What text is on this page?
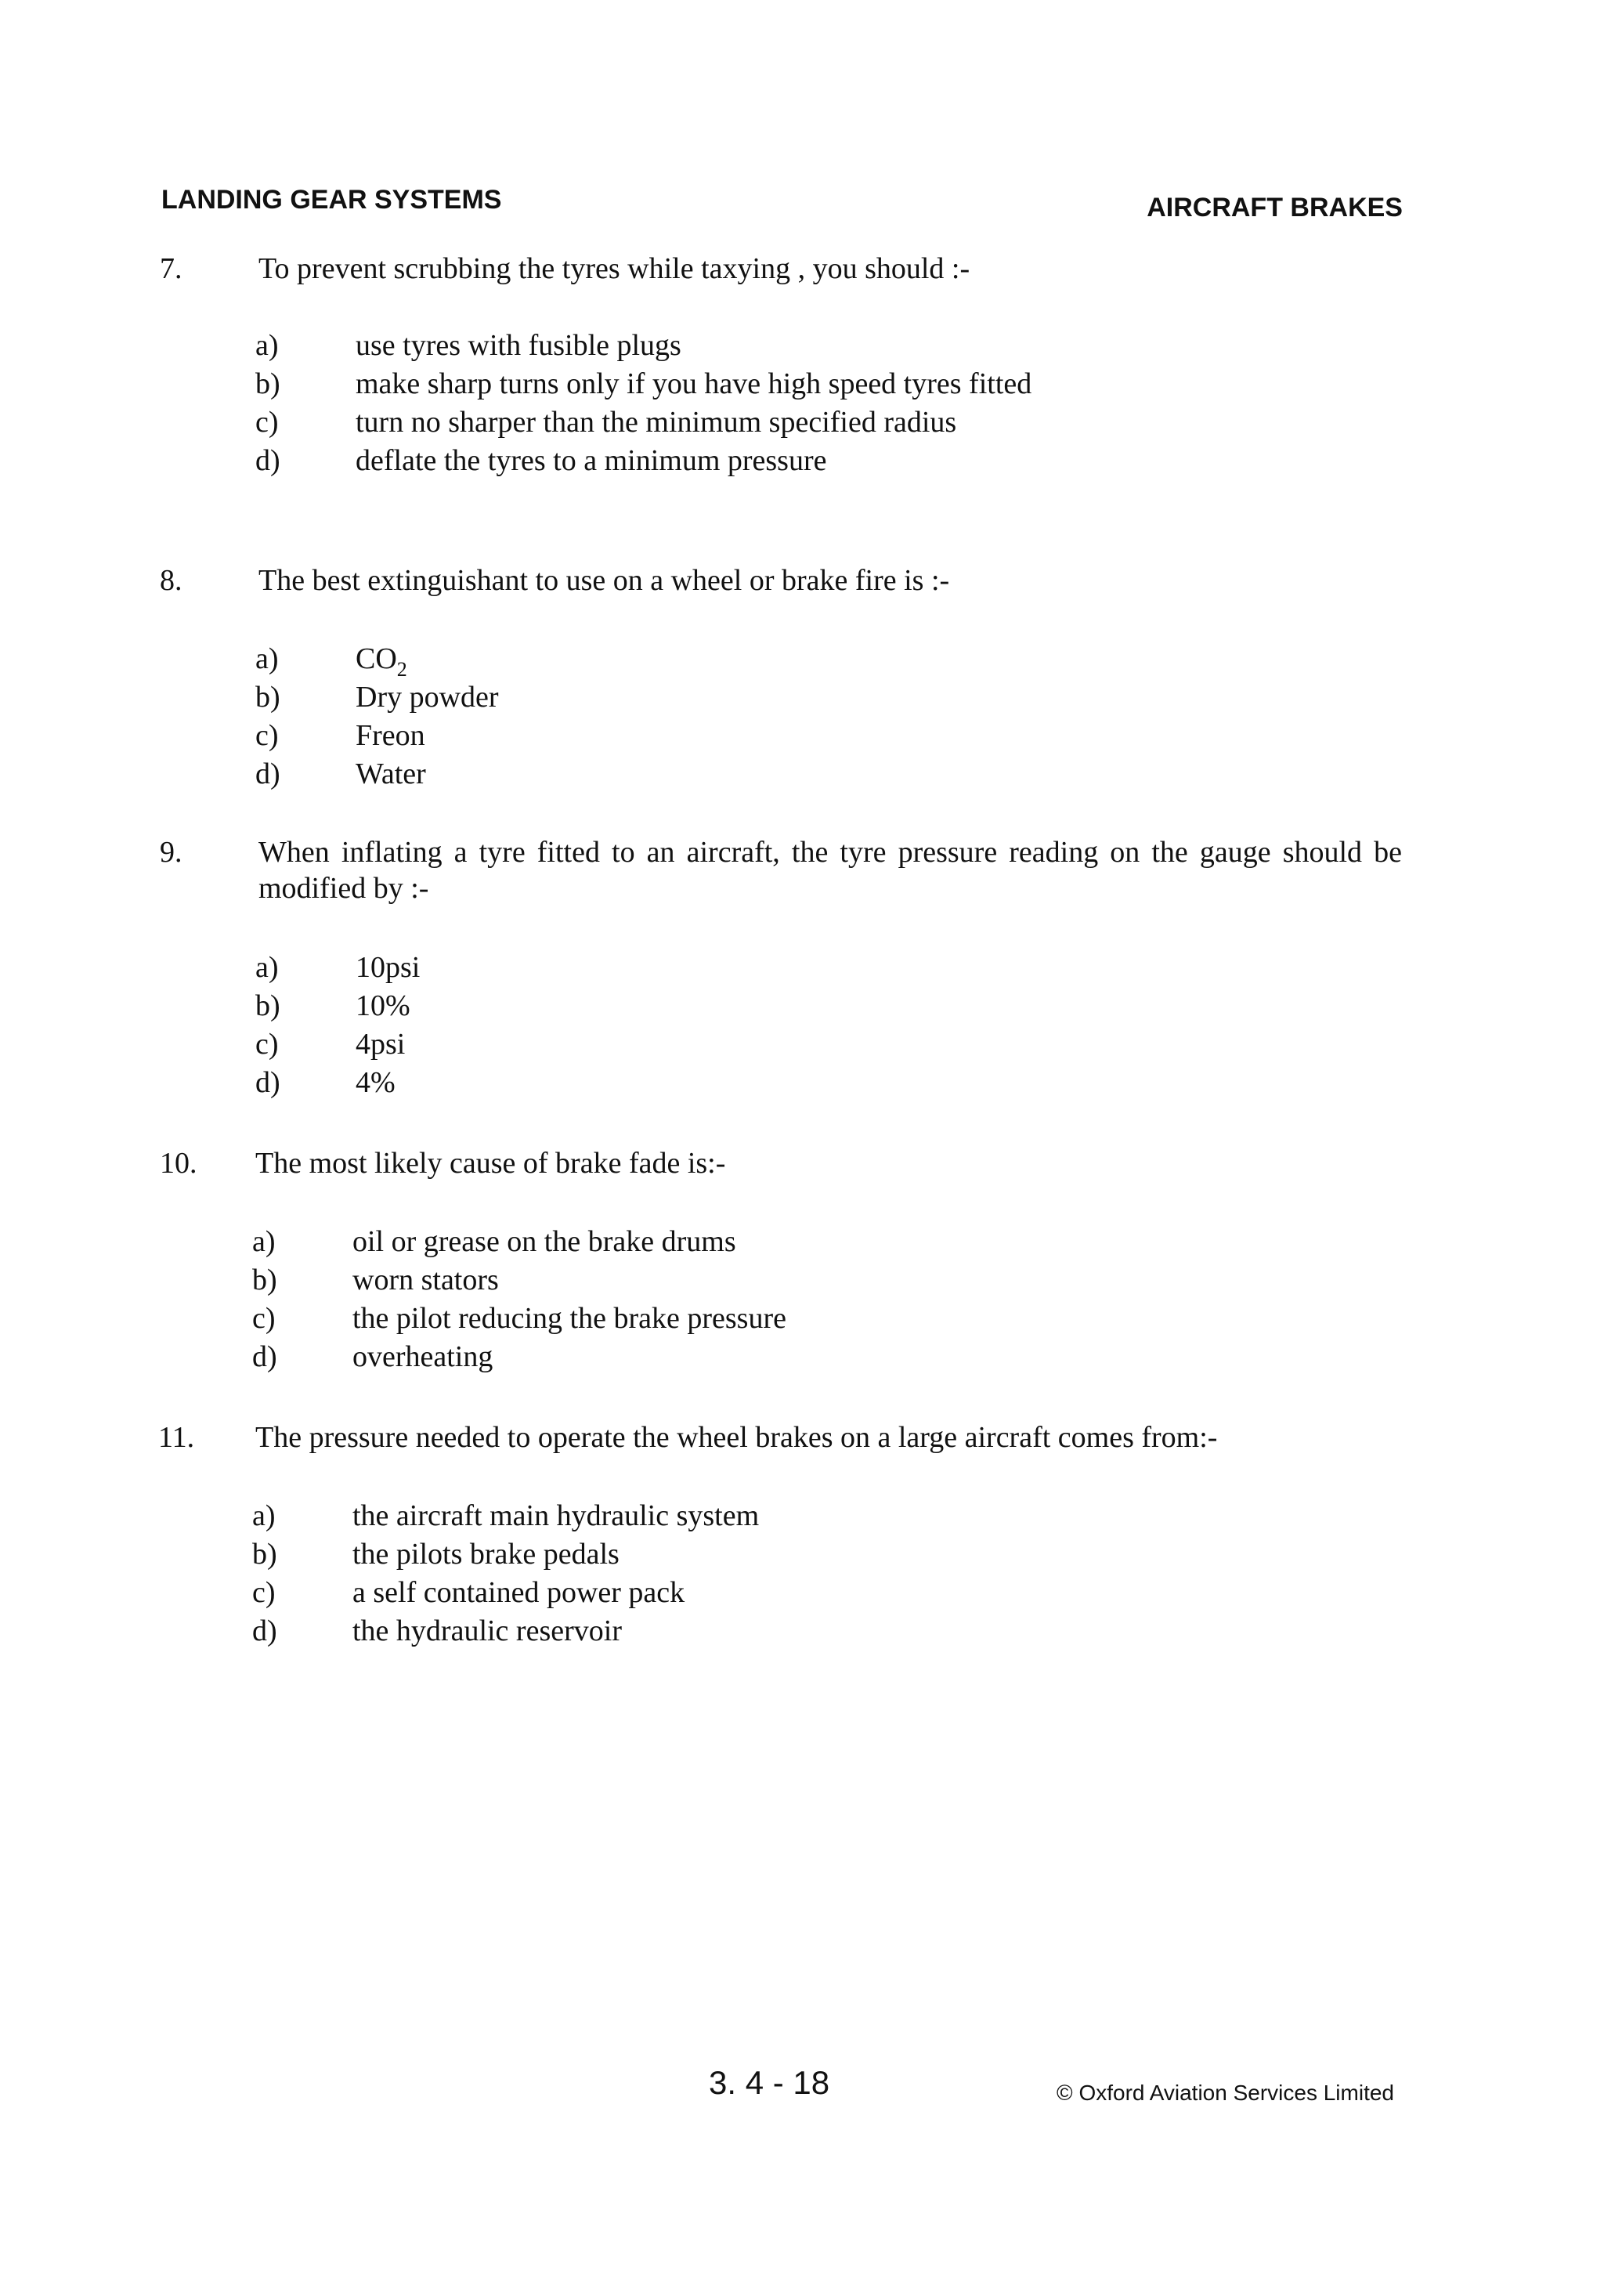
LANDING GEAR SYSTEMS	AIRCRAFT BRAKES
7.	To prevent scrubbing the tyres while taxying , you should :-
a)	use tyres with fusible plugs
b)	make sharp turns only if you have high speed tyres fitted
c)	turn no sharper than the minimum specified radius
d)	deflate the tyres to a minimum pressure
8.	The best extinguishant to use on a wheel or brake fire is :-
a)	$CO_2$
b)	Dry powder
c)	Freon
d)	Water
9.	When inflating a tyre fitted to an aircraft, the tyre pressure reading on the gauge should be modified by :-
a)	10psi
b)	10%
c)	4psi
d)	4%
10. The most likely cause of brake fade is:-
a)	oil or grease on the brake drums
b)	worn stators
c)	the pilot reducing the brake pressure
d)	overheating
11. The pressure needed to operate the wheel brakes on a large aircraft comes from:-
a)	the aircraft main hydraulic system
b)	the pilots brake pedals
c)	a self contained power pack
d)	the hydraulic reservoir
3. 4 - 18	© Oxford Aviation Services Limited
